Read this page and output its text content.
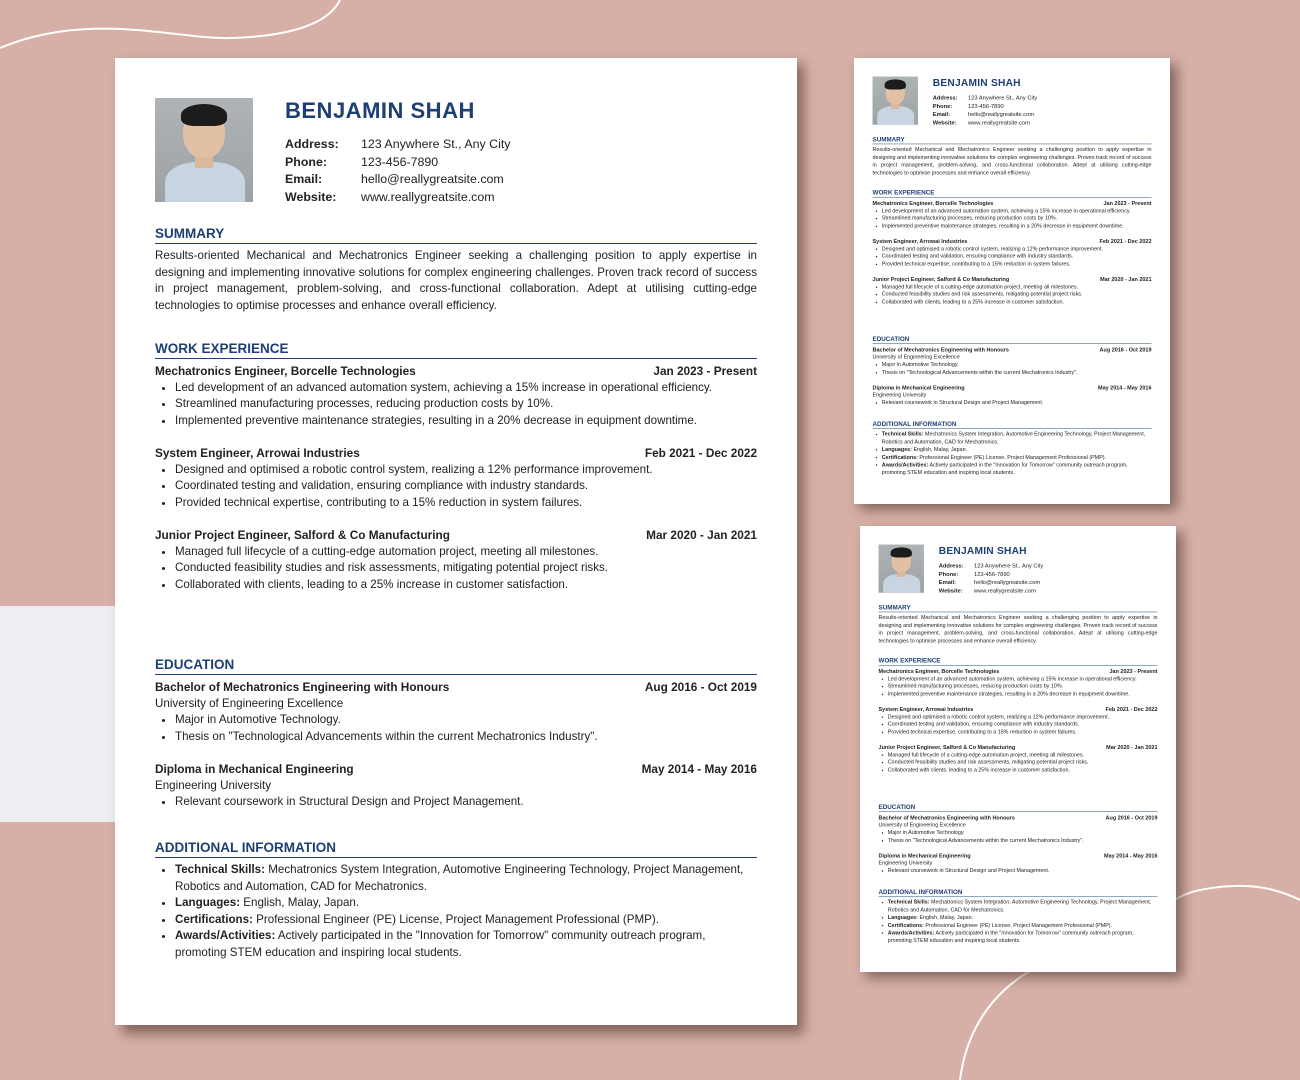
BENJAMIN SHAH
Address:	123 Anywhere St., Any City
Phone:	123-456-7890
Email:	hello@reallygreatsite.com
Website:	www.reallygreatsite.com
SUMMARY
Results-oriented Mechanical and Mechatronics Engineer seeking a challenging position to apply expertise in designing and implementing innovative solutions for complex engineering challenges. Proven track record of success in project management, problem-solving, and cross-functional collaboration. Adept at utilising cutting-edge technologies to optimise processes and enhance overall efficiency.
WORK EXPERIENCE
Mechatronics Engineer, Borcelle Technologies	Jan 2023 - Present
• Led development of an advanced automation system, achieving a 15% increase in operational efficiency.
• Streamlined manufacturing processes, reducing production costs by 10%.
• Implemented preventive maintenance strategies, resulting in a 20% decrease in equipment downtime.
System Engineer, Arrowai Industries	Feb 2021 - Dec 2022
• Designed and optimised a robotic control system, realizing a 12% performance improvement.
• Coordinated testing and validation, ensuring compliance with industry standards.
• Provided technical expertise, contributing to a 15% reduction in system failures.
Junior Project Engineer, Salford & Co Manufacturing	Mar 2020 - Jan 2021
• Managed full lifecycle of a cutting-edge automation project, meeting all milestones.
• Conducted feasibility studies and risk assessments, mitigating potential project risks.
• Collaborated with clients, leading to a 25% increase in customer satisfaction.
EDUCATION
Bachelor of Mechatronics Engineering with Honours	Aug 2016 - Oct 2019
University of Engineering Excellence
• Major in Automotive Technology.
• Thesis on "Technological Advancements within the current Mechatronics Industry".
Diploma in Mechanical Engineering	May 2014 - May 2016
Engineering University
• Relevant coursework in Structural Design and Project Management.
ADDITIONAL INFORMATION
• Technical Skills: Mechatronics System Integration, Automotive Engineering Technology, Project Management, Robotics and Automation, CAD for Mechatronics.
• Languages: English, Malay, Japan.
• Certifications: Professional Engineer (PE) License, Project Management Professional (PMP).
• Awards/Activities: Actively participated in the "Innovation for Tomorrow" community outreach program, promoting STEM education and inspiring local students.
BENJAMIN SHAH
Address: 123 Anywhere St., Any City
Phone:	123-456-7890
Email:	hello@reallygreatsite.com
Website: www.reallygreatsite.com
SUMMARY
Results-oriented Mechanical and Mechatronics Engineer seeking a challenging position to apply expertise in designing and implementing innovative solutions for complex engineering challenges. Proven track record of success in project management, problem-solving, and cross-functional collaboration. Adept at utilising cutting-edge technologies to optimise processes and enhance overall efficiency.
WORK EXPERIENCE
Mechatronics Engineer, Borcelle Technologies	Jan 2023 - Present
• Led development of an advanced automation system, achieving a 15% increase in operational efficiency.
• Streamlined manufacturing processes, reducing production costs by 10%.
• Implemented preventive maintenance strategies, resulting in a 20% decrease in equipment downtime.
System Engineer, Arrowai Industries	Feb 2021 - Dec 2022
• Designed and optimised a robotic control system, realizing a 12% performance improvement.
• Coordinated testing and validation, ensuring compliance with industry standards.
• Provided technical expertise, contributing to a 15% reduction in system failures.
Junior Project Engineer, Salford & Co Manufacturing	Mar 2020 - Jan 2021
• Managed full lifecycle of a cutting-edge automation project, meeting all milestones.
• Conducted feasibility studies and risk assessments, mitigating potential project risks.
• Collaborated with clients, leading to a 25% increase in customer satisfaction.
EDUCATION
Bachelor of Mechatronics Engineering with Honours	Aug 2016 - Oct 2019
University of Engineering Excellence
• Major in Automotive Technology.
• Thesis on "Technological Advancements within the current Mechatronics Industry".
Diploma in Mechanical Engineering	May 2014 - May 2016
Engineering University
• Relevant coursework in Structural Design and Project Management.
ADDITIONAL INFORMATION
• Technical Skills: Mechatronics System Integration, Automotive Engineering Technology, Project Management, Robotics and Automation, CAD for Mechatronics.
• Languages: English, Malay, Japan.
• Certifications: Professional Engineer (PE) License, Project Management Professional (PMP).
• Awards/Activities: Actively participated in the "Innovation for Tomorrow" community outreach program, promoting STEM education and inspiring local students.
BENJAMIN SHAH
Address: 123 Anywhere St., Any City
Phone:	123-456-7890
Email:	hello@reallygreatsite.com
Website: www.reallygreatsite.com
SUMMARY
Results-oriented Mechanical and Mechatronics Engineer seeking a challenging position to apply expertise in designing and implementing innovative solutions for complex engineering challenges. Proven track record of success in project management, problem-solving, and cross-functional collaboration. Adept at utilising cutting-edge technologies to optimise processes and enhance overall efficiency.
WORK EXPERIENCE
Mechatronics Engineer, Borcelle Technologies	Jan 2023 - Present
• Led development of an advanced automation system, achieving a 15% increase in operational efficiency.
• Streamlined manufacturing processes, reducing production costs by 10%.
• Implemented preventive maintenance strategies, resulting in a 20% decrease in equipment downtime.
System Engineer, Arrowai Industries	Feb 2021 - Dec 2022
• Designed and optimised a robotic control system, realizing a 12% performance improvement.
• Coordinated testing and validation, ensuring compliance with industry standards.
• Provided technical expertise, contributing to a 15% reduction in system failures.
Junior Project Engineer, Salford & Co Manufacturing	Mar 2020 - Jan 2021
• Managed full lifecycle of a cutting-edge automation project, meeting all milestones.
• Conducted feasibility studies and risk assessments, mitigating potential project risks.
• Collaborated with clients, leading to a 25% increase in customer satisfaction.
EDUCATION
Bachelor of Mechatronics Engineering with Honours	Aug 2016 - Oct 2019
University of Engineering Excellence
• Major in Automotive Technology.
• Thesis on "Technological Advancements within the current Mechatronics Industry".
Diploma in Mechanical Engineering	May 2014 - May 2016
Engineering University
• Relevant coursework in Structural Design and Project Management.
ADDITIONAL INFORMATION
• Technical Skills: Mechatronics System Integration, Automotive Engineering Technology, Project Management, Robotics and Automation, CAD for Mechatronics.
• Languages: English, Malay, Japan.
• Certifications: Professional Engineer (PE) License, Project Management Professional (PMP).
• Awards/Activities: Actively participated in the "Innovation for Tomorrow" community outreach program, promoting STEM education and inspiring local students.
